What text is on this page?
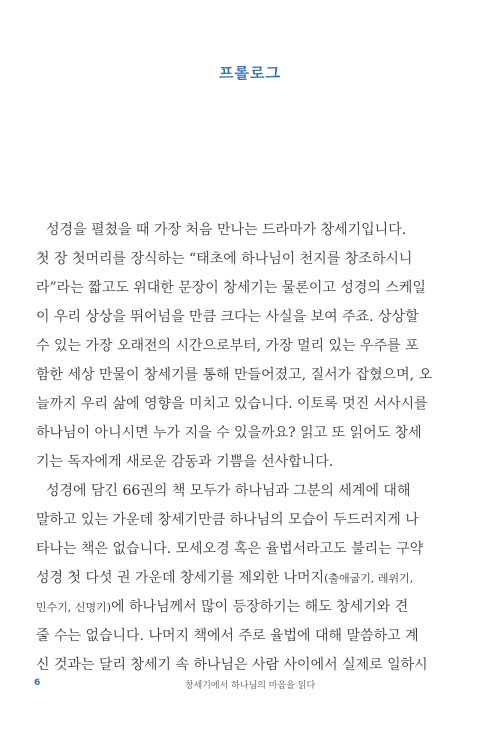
프롤로그
성경을 펼쳤을 때 가장 처음 만나는 드라마가 창세기입니다.
첫 장 첫머리를 장식하는 “태초에 하나님이 천지를 창조하시니
라”라는 짧고도 위대한 문장이 창세기는 물론이고 성경의 스케일
이 우리 상상을 뛰어넘을 만큼 크다는 사실을 보여 주죠. 상상할
수 있는 가장 오래전의 시간으로부터, 가장 멀리 있는 우주를 포
함한 세상 만물이 창세기를 통해 만들어졌고, 질서가 잡혔으며, 오
늘까지 우리 삶에 영향을 미치고 있습니다. 이토록 멋진 서사시를
하나님이 아니시면 누가 지을 수 있을까요? 읽고 또 읽어도 창세
기는 독자에게 새로운 감동과 기쁨을 선사합니다.
성경에 담긴 66권의 책 모두가 하나님과 그분의 세계에 대해
말하고 있는 가운데 창세기만큼 하나님의 모습이 두드러지게 나
타나는 책은 없습니다. 모세오경 혹은 율법서라고도 불리는 구약
성경 첫 다섯 권 가운데 창세기를 제외한 나머지(출애굽기, 레위기,
민수기, 신명기)에 하나님께서 많이 등장하기는 해도 창세기와 견
줄 수는 없습니다. 나머지 책에서 주로 율법에 대해 말씀하고 계
신 것과는 달리 창세기 속 하나님은 사람 사이에서 실제로 일하시
6	창세기에서 하나님의 마음을 읽다
